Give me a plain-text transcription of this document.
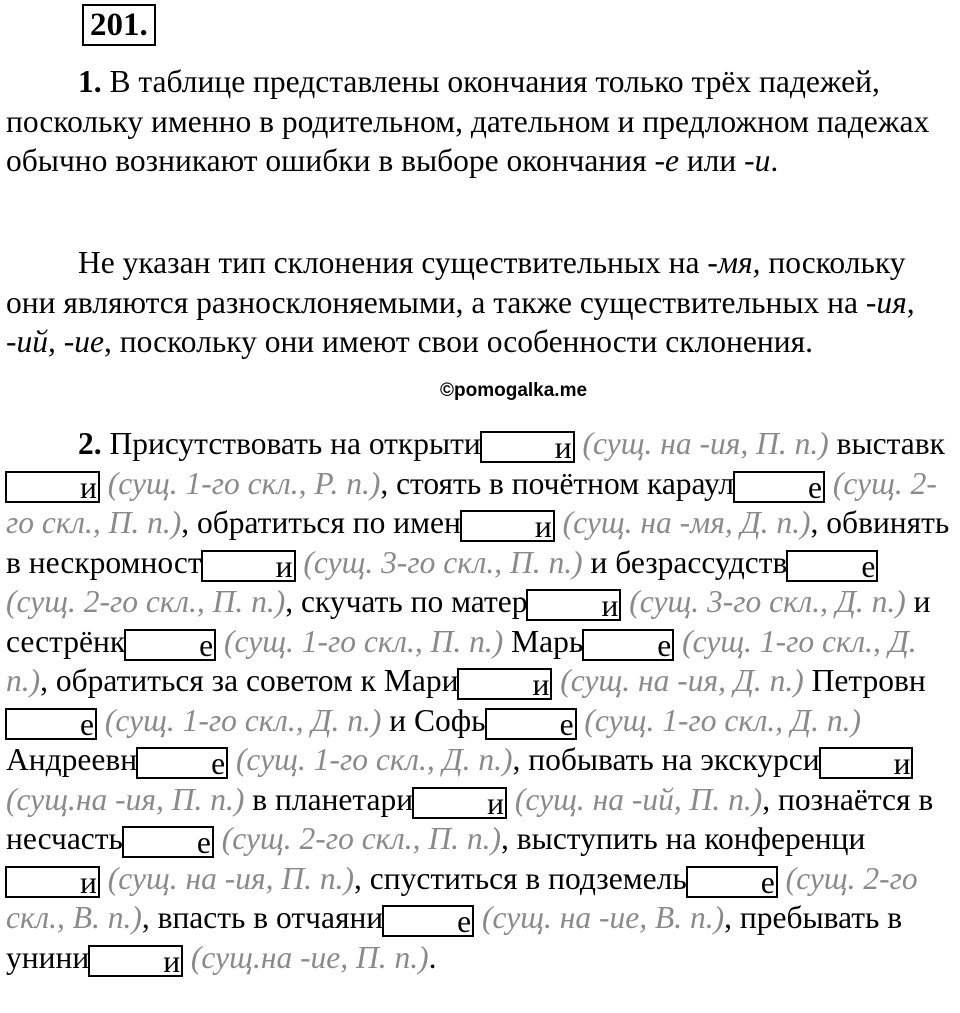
201.

1. В таблице представлены окончания только трёх падежей, поскольку именно в родительном, дательном и предложном падежах обычно возникают ошибки в выборе окончания -е или -и.

Не указан тип склонения существительных на -мя, поскольку они являются разносклоняемыми, а также существительных на -ия, -ий, -ие, поскольку они имеют свои особенности склонения.

2. Присутствовать на открыти и (сущ. на -ия, П. п.) выставки (сущ. 1-го скл., Р. п.), стоять в почётном караул е (сущ. 2-го скл., П. п.), обратиться по имен и (сущ. на -мя, Д. п.), обвинять в нескромност и (сущ. 3-го скл., П. п.) и безрассудств е (сущ. 2-го скл., П. п.), скучать по матер и (сущ. 3-го скл., Д. п.) и сестрёнк е (сущ. 1-го скл., П. п.) Марь е (сущ. 1-го скл., Д. п.), обратиться за советом к Мари и (сущ. на -ия, Д. п.) Петровне (сущ. 1-го скл., Д. п.) и Софь е (сущ. 1-го скл., Д. п.) Андреевн е (сущ. 1-го скл., Д. п.), побывать на экскурси и (сущ.на -ия, П. п.) в планетари и (сущ. на -ий, П. п.), познаётся в несчасть е (сущ. 2-го скл., П. п.), выступить на конференции (сущ. на -ия, П. п.), спуститься в подземель е (сущ. 2-го скл., В. п.), впасть в отчаяни е (сущ. на -ие, В. п.), пребывать в унини и (сущ.на -ие, П. п.).

©pomogalka.me
